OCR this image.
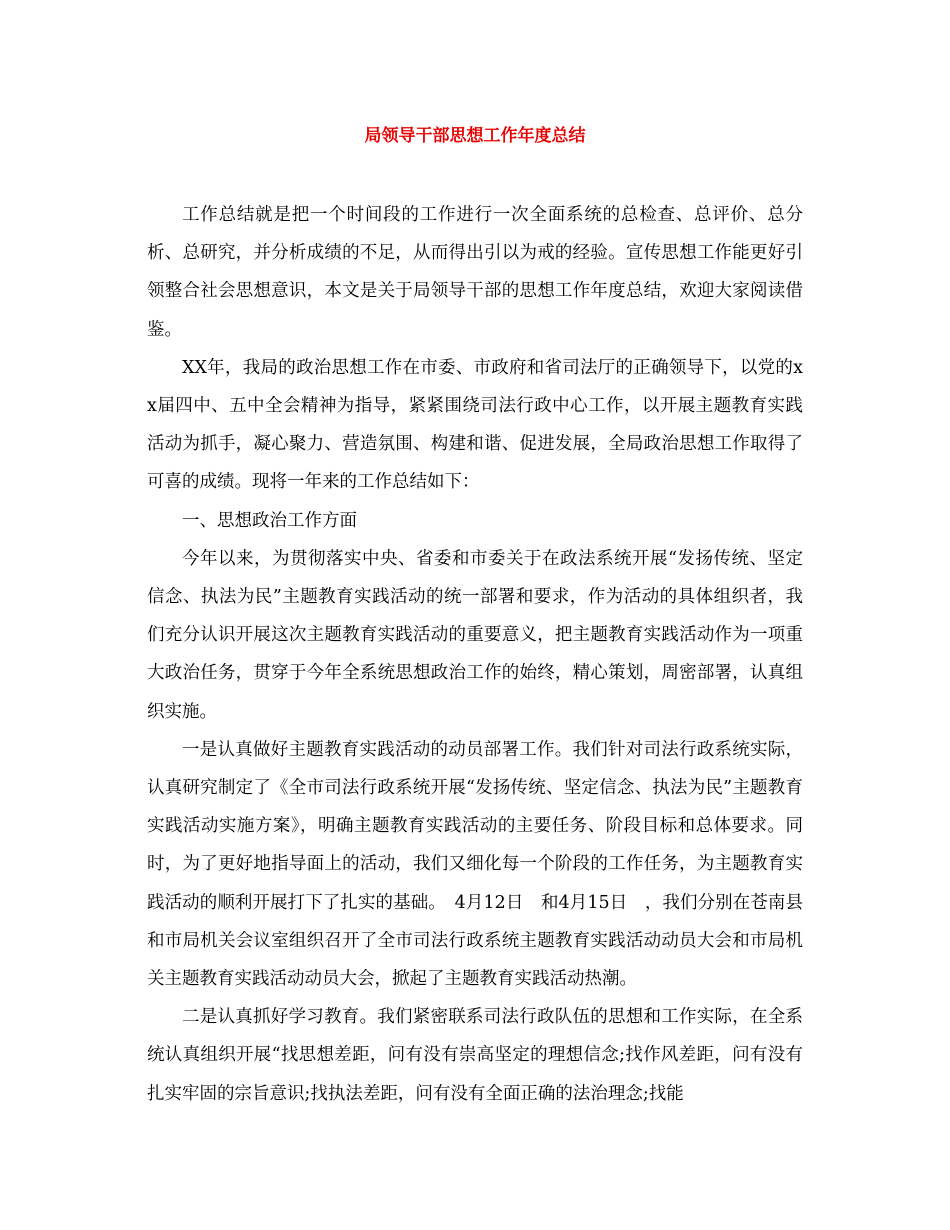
局领导干部思想工作年度总结

工作总结就是把一个时间段的工作进行一次全面系统的总检查、总评价、总分析、总研究，并分析成绩的不足，从而得出引以为戒的经验。宣传思想工作能更好引领整合社会思想意识，本文是关于局领导干部的思想工作年度总结，欢迎大家阅读借鉴。

XX年，我局的政治思想工作在市委、市政府和省司法厅的正确领导下，以党的xx届四中、五中全会精神为指导，紧紧围绕司法行政中心工作，以开展主题教育实践活动为抓手，凝心聚力、营造氛围、构建和谐、促进发展，全局政治思想工作取得了可喜的成绩。现将一年来的工作总结如下：

一、思想政治工作方面

今年以来，为贯彻落实中央、省委和市委关于在政法系统开展“发扬传统、坚定信念、执法为民”主题教育实践活动的统一部署和要求，作为活动的具体组织者，我们充分认识开展这次主题教育实践活动的重要意义，把主题教育实践活动作为一项重大政治任务，贯穿于今年全系统思想政治工作的始终，精心策划，周密部署，认真组织实施。

一是认真做好主题教育实践活动的动员部署工作。我们针对司法行政系统实际，认真研究制定了《全市司法行政系统开展“发扬传统、坚定信念、执法为民”主题教育实践活动实施方案》，明确主题教育实践活动的主要任务、阶段目标和总体要求。同时，为了更好地指导面上的活动，我们又细化每一个阶段的工作任务，为主题教育实践活动的顺利开展打下了扎实的基础。　4月12日　和4月15日　，我们分别在苍南县和市局机关会议室组织召开了全市司法行政系统主题教育实践活动动员大会和市局机关主题教育实践活动动员大会，掀起了主题教育实践活动热潮。

二是认真抓好学习教育。我们紧密联系司法行政队伍的思想和工作实际，在全系统认真组织开展“找思想差距，问有没有崇高坚定的理想信念;找作风差距，问有没有扎实牢固的宗旨意识;找执法差距，问有没有全面正确的法治理念;找能
